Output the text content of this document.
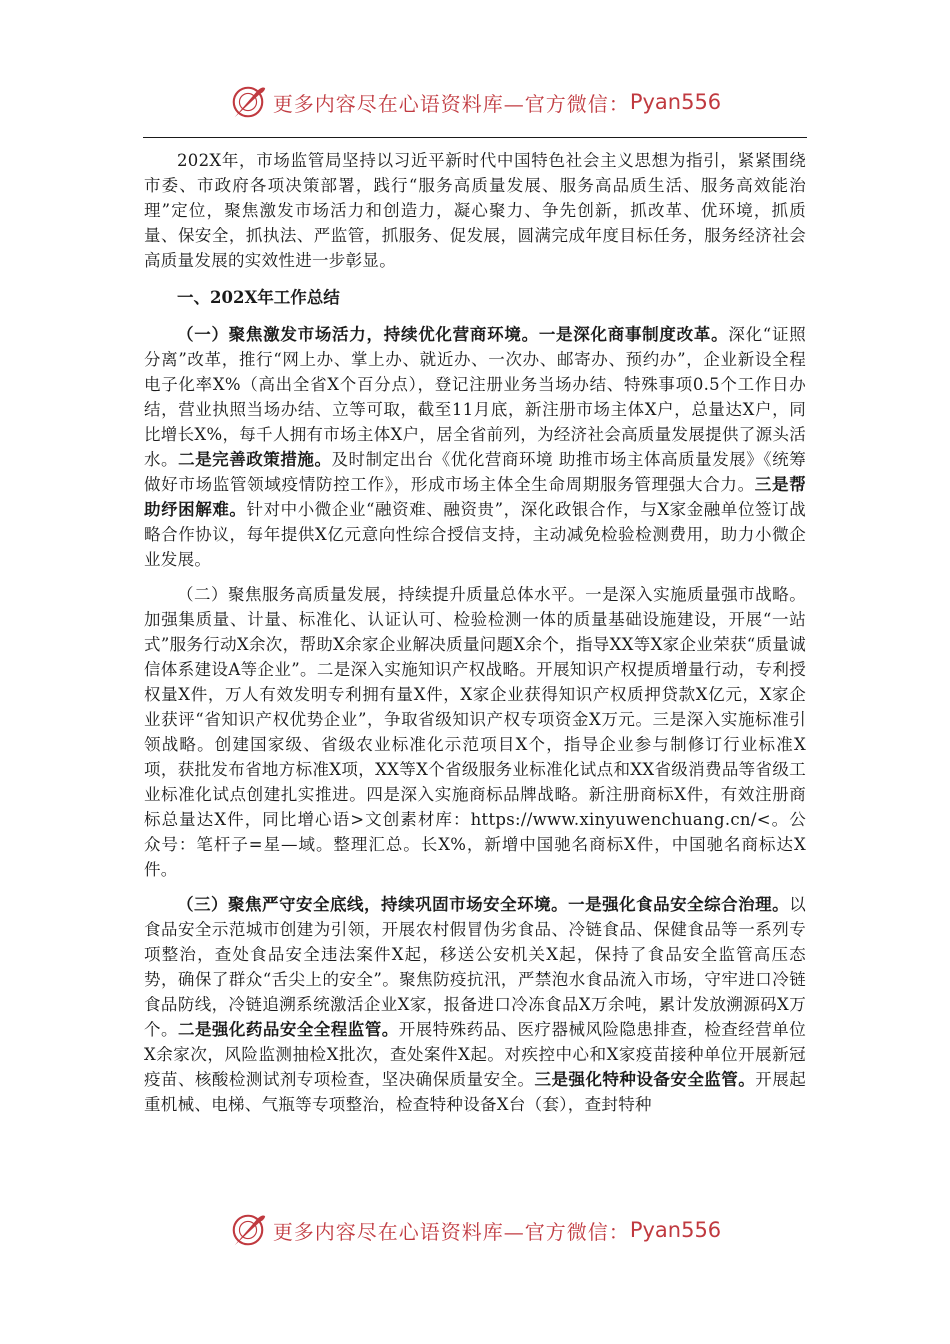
更多内容尽在心语资料库—官方微信： Pyan556

202X年，市场监管局坚持以习近平新时代中国特色社会主义思想为指引，紧紧围绕市委、市政府各项决策部署，践行“服务高质量发展、服务高品质生活、服务高效能治理”定位，聚焦激发市场活力和创造力，凝心聚力、争先创新，抓改革、优环境，抓质量、保安全，抓执法、严监管，抓服务、促发展，圆满完成年度目标任务，服务经济社会高质量发展的实效性进一步彰显。

一、202X年工作总结

（一）聚焦激发市场活力，持续优化营商环境。一是深化商事制度改革。深化“证照分离”改革，推行“网上办、掌上办、就近办、一次办、邮寄办、预约办”，企业新设全程电子化率X%（高出全省X个百分点），登记注册业务当场办结、特殊事项0.5个工作日办结，营业执照当场办结、立等可取，截至11月底，新注册市场主体X户，总量达X户，同比增长X%，每千人拥有市场主体X户，居全省前列，为经济社会高质量发展提供了源头活水。二是完善政策措施。及时制定出台《优化营商环境 助推市场主体高质量发展》《统筹做好市场监管领域疫情防控工作》，形成市场主体全生命周期服务管理强大合力。三是帮助纾困解难。针对中小微企业“融资难、融资贵”，深化政银合作，与X家金融单位签订战略合作协议，每年提供X亿元意向性综合授信支持，主动减免检验检测费用，助力小微企业发展。

（二）聚焦服务高质量发展，持续提升质量总体水平。一是深入实施质量强市战略。加强集质量、计量、标准化、认证认可、检验检测一体的质量基础设施建设，开展“一站式”服务行动X余次，帮助X余家企业解决质量问题X余个，指导XX等X家企业荣获“质量诚信体系建设A等企业”。二是深入实施知识产权战略。开展知识产权提质增量行动，专利授权量X件，万人有效发明专利拥有量X件，X家企业获得知识产权质押贷款X亿元，X家企业获评“省知识产权优势企业”，争取省级知识产权专项资金X万元。三是深入实施标准引领战略。创建国家级、省级农业标准化示范项目X个，指导企业参与制修订行业标准X项，获批发布省地方标准X项，XX等X个省级服务业标准化试点和XX省级消费品等省级工业标准化试点创建扎实推进。四是深入实施商标品牌战略。新注册商标X件，有效注册商标总量达X件，同比增心语>文创素材库：https://www.xinyuwenchuang.cn/<。公众号：笔杆子=星—域。整理汇总。长X%，新增中国驰名商标X件，中国驰名商标达X件。

（三）聚焦严守安全底线，持续巩固市场安全环境。一是强化食品安全综合治理。以食品安全示范城市创建为引领，开展农村假冒伪劣食品、冷链食品、保健食品等一系列专项整治，查处食品安全违法案件X起，移送公安机关X起，保持了食品安全监管高压态势，确保了群众“舌尖上的安全”。聚焦防疫抗汛，严禁泡水食品流入市场，守牢进口冷链食品防线，冷链追溯系统激活企业X家，报备进口冷冻食品X万余吨，累计发放溯源码X万个。二是强化药品安全全程监管。开展特殊药品、医疗器械风险隐患排查，检查经营单位X余家次，风险监测抽检X批次，查处案件X起。对疾控中心和X家疫苗接种单位开展新冠疫苗、核酸检测试剂专项检查，坚决确保质量安全。三是强化特种设备安全监管。开展起重机械、电梯、气瓶等专项整治，检查特种设备X台（套），查封特种

更多内容尽在心语资料库—官方微信： Pyan556
